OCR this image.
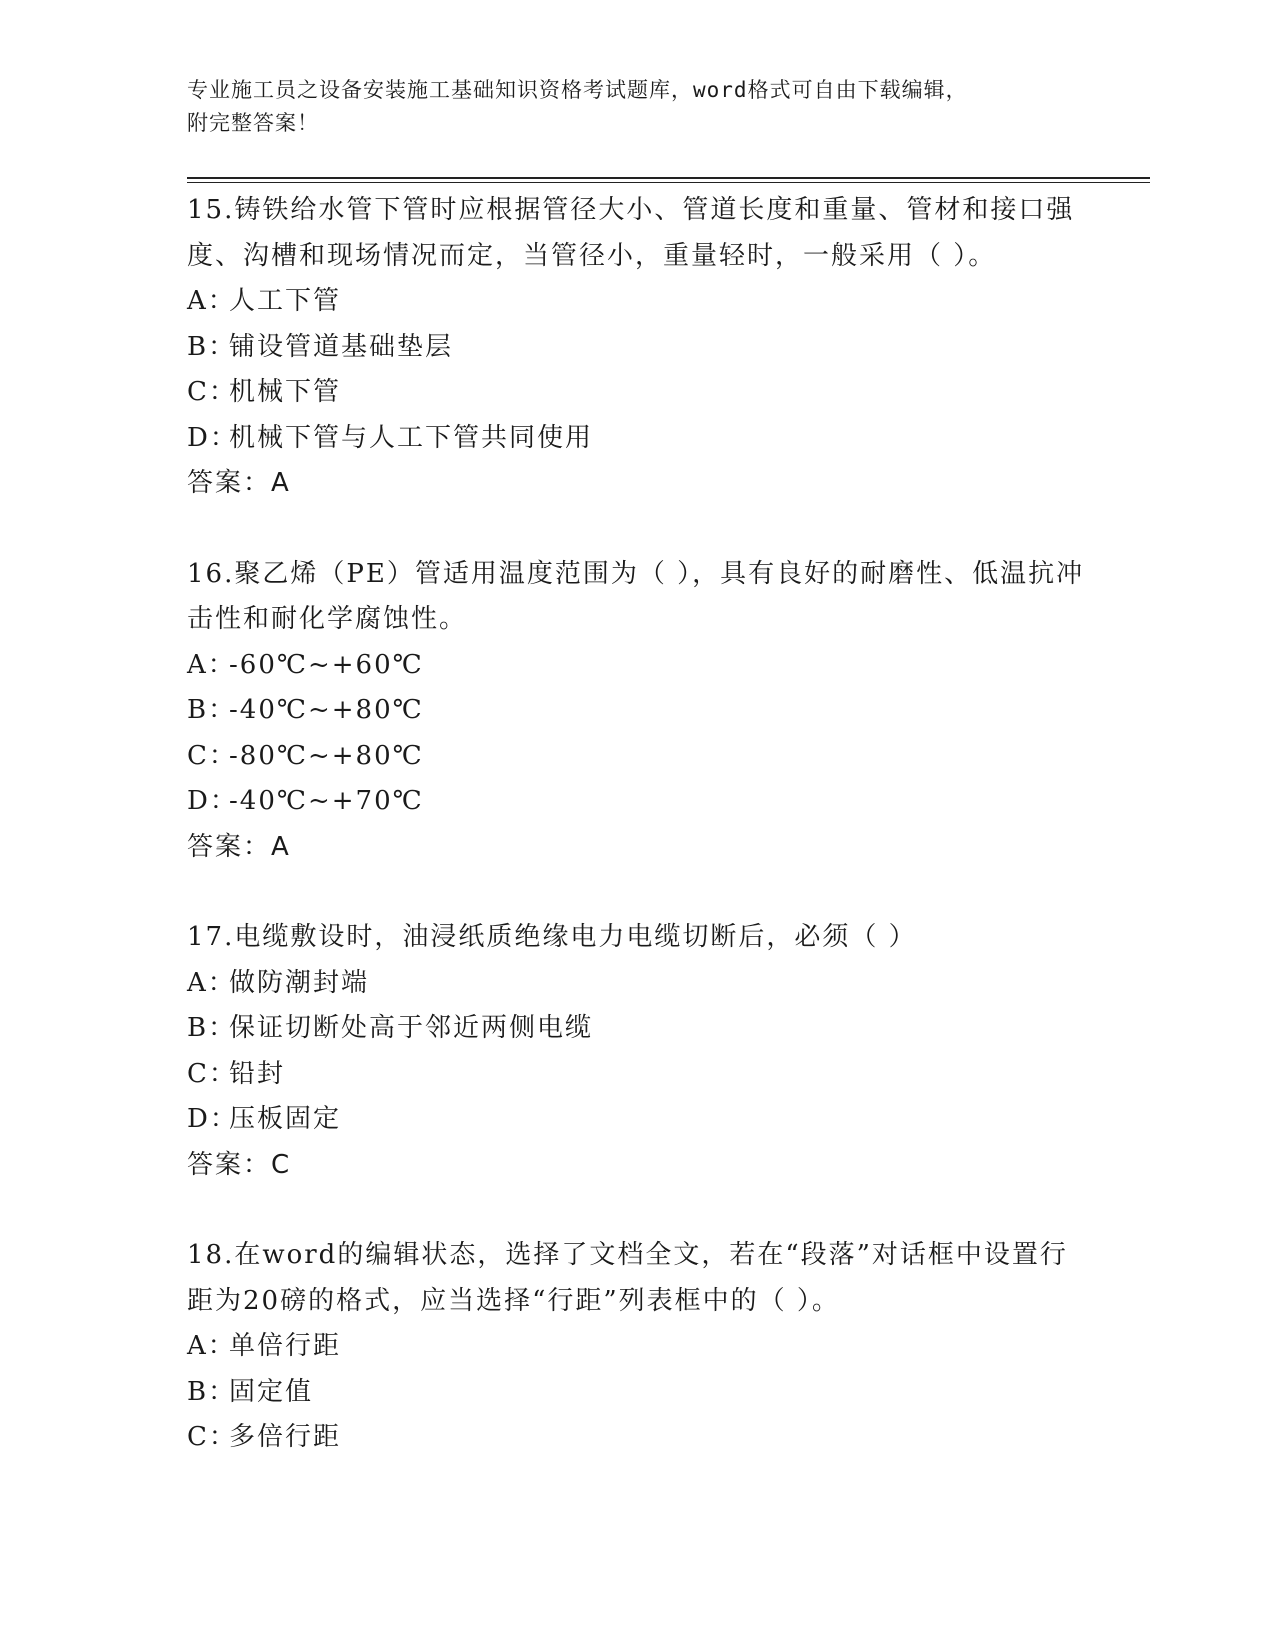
专业施工员之设备安装施工基础知识资格考试题库，word格式可自由下载编辑，
附完整答案！

15.铸铁给水管下管时应根据管径大小、管道长度和重量、管材和接口强度、沟槽和现场情况而定，当管径小，重量轻时，一般采用（ ）。

A：人工下管

B：铺设管道基础垫层

C：机械下管

D：机械下管与人工下管共同使用

答案：A

16.聚乙烯（PE）管适用温度范围为（ ），具有良好的耐磨性、低温抗冲击性和耐化学腐蚀性。

A：-60℃~+60℃

B：-40℃~+80℃

C：-80℃~+80℃

D：-40℃~+70℃

答案：A

17.电缆敷设时，油浸纸质绝缘电力电缆切断后，必须（ ）

A：做防潮封端

B：保证切断处高于邻近两侧电缆

C：铅封

D：压板固定

答案：C

18.在word的编辑状态，选择了文档全文，若在“段落”对话框中设置行距为20磅的格式，应当选择“行距”列表框中的（ ）。

A：单倍行距

B：固定值

C：多倍行距
